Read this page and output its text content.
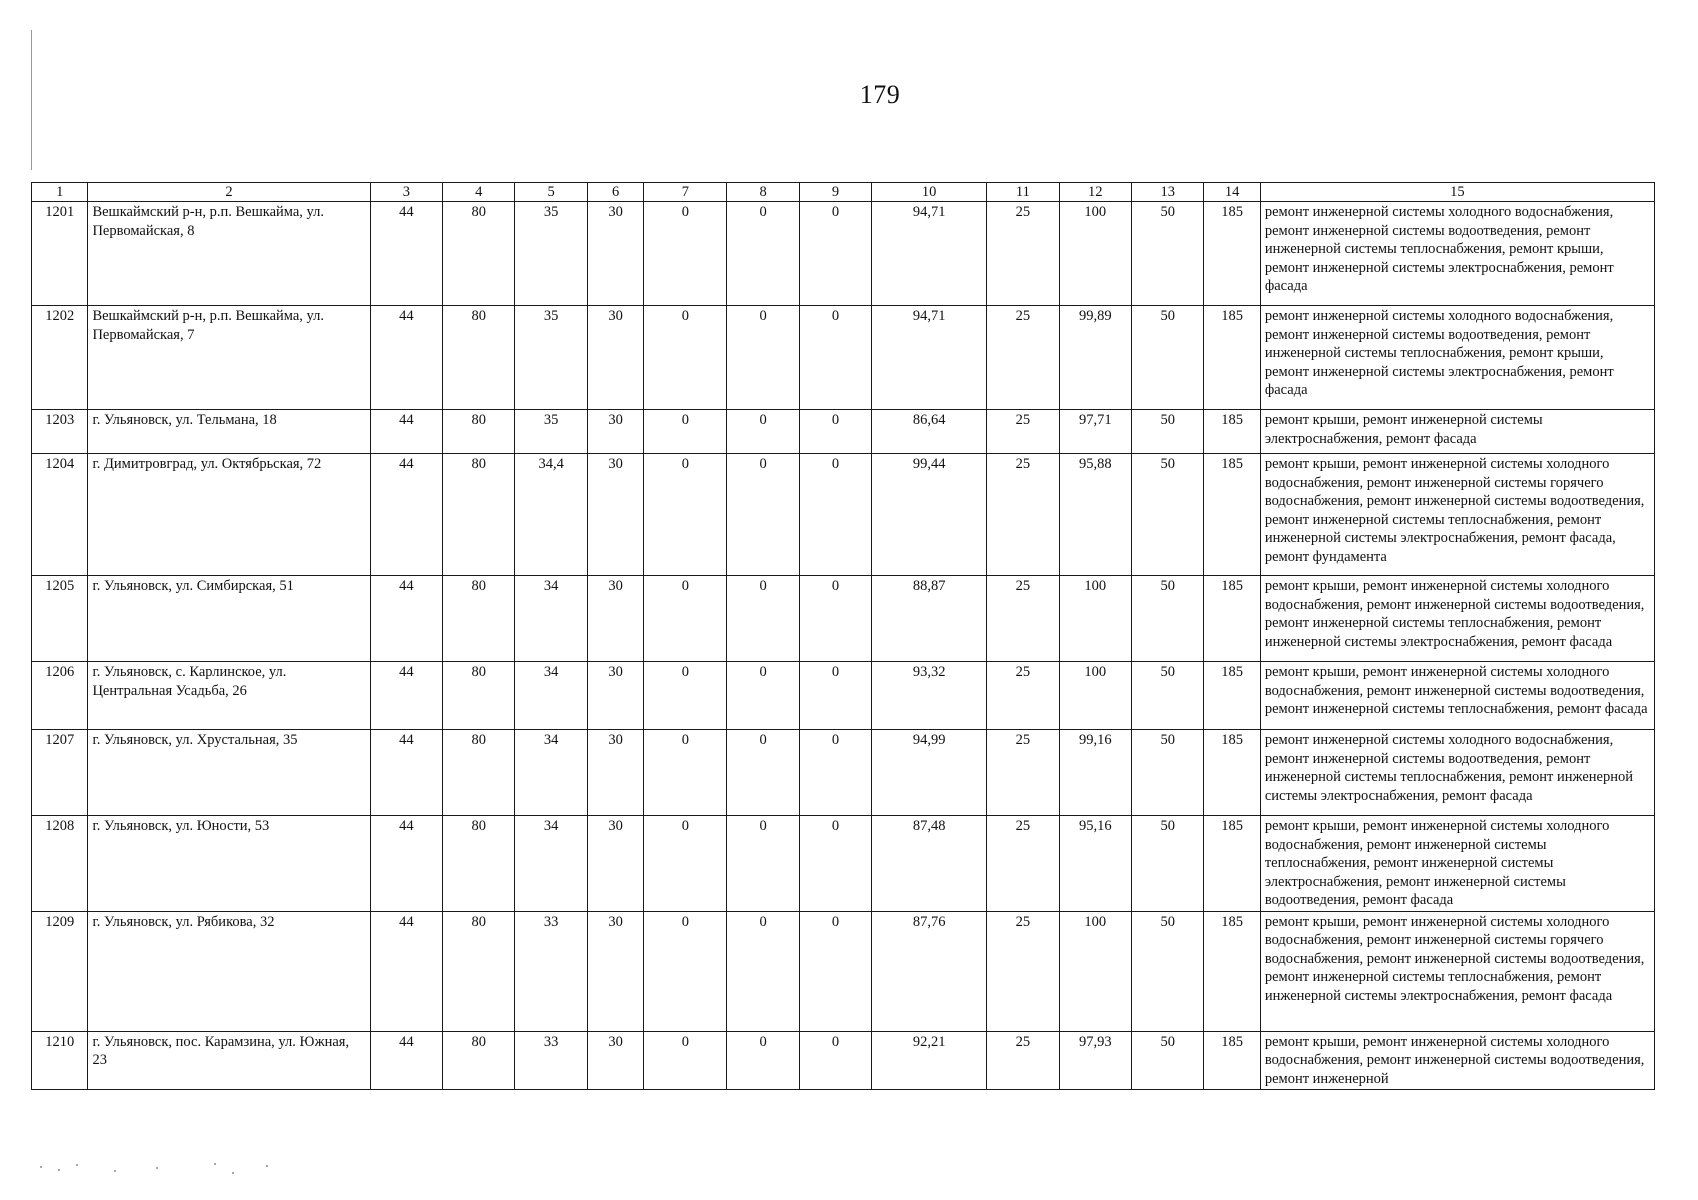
179
1	2	3	4	5	6	7	8	9	10	11	12	13	14	15
1201	Вешкаймский р-н, р.п. Вешкайма, ул. Первомайская, 8	44	80	35	30	0	0	0	94,71	25	100	50	185	ремонт инженерной системы холодного водоснабжения, ремонт инженерной системы водоотведения, ремонт инженерной системы теплоснабжения, ремонт крыши, ремонт инженерной системы электроснабжения, ремонт фасада
1202	Вешкаймский р-н, р.п. Вешкайма, ул. Первомайская, 7	44	80	35	30	0	0	0	94,71	25	99,89	50	185	ремонт инженерной системы холодного водоснабжения, ремонт инженерной системы водоотведения, ремонт инженерной системы теплоснабжения, ремонт крыши, ремонт инженерной системы электроснабжения, ремонт фасада
1203	г. Ульяновск, ул. Тельмана, 18	44	80	35	30	0	0	0	86,64	25	97,71	50	185	ремонт крыши, ремонт инженерной системы электроснабжения, ремонт фасада
1204	г. Димитровград, ул. Октябрьская, 72	44	80	34,4	30	0	0	0	99,44	25	95,88	50	185	ремонт крыши, ремонт инженерной системы холодного водоснабжения, ремонт инженерной системы горячего водоснабжения, ремонт инженерной системы водоотведения, ремонт инженерной системы теплоснабжения, ремонт инженерной системы электроснабжения, ремонт фасада, ремонт фундамента
1205	г. Ульяновск, ул. Симбирская, 51	44	80	34	30	0	0	0	88,87	25	100	50	185	ремонт крыши, ремонт инженерной системы холодного водоснабжения, ремонт инженерной системы водоотведения, ремонт инженерной системы теплоснабжения, ремонт инженерной системы электроснабжения, ремонт фасада
1206	г. Ульяновск, с. Карлинское, ул. Центральная Усадьба, 26	44	80	34	30	0	0	0	93,32	25	100	50	185	ремонт крыши, ремонт инженерной системы холодного водоснабжения, ремонт инженерной системы водоотведения, ремонт инженерной системы теплоснабжения, ремонт фасада
1207	г. Ульяновск, ул. Хрустальная, 35	44	80	34	30	0	0	0	94,99	25	99,16	50	185	ремонт инженерной системы холодного водоснабжения, ремонт инженерной системы водоотведения, ремонт инженерной системы теплоснабжения, ремонт инженерной системы электроснабжения, ремонт фасада
1208	г. Ульяновск, ул. Юности, 53	44	80	34	30	0	0	0	87,48	25	95,16	50	185	ремонт крыши, ремонт инженерной системы холодного водоснабжения, ремонт инженерной системы теплоснабжения, ремонт инженерной системы электроснабжения, ремонт инженерной системы водоотведения, ремонт фасада
1209	г. Ульяновск, ул. Рябикова, 32	44	80	33	30	0	0	0	87,76	25	100	50	185	ремонт крыши, ремонт инженерной системы холодного водоснабжения, ремонт инженерной системы горячего водоснабжения, ремонт инженерной системы водоотведения, ремонт инженерной системы теплоснабжения, ремонт инженерной системы электроснабжения, ремонт фасада
1210	г. Ульяновск, пос. Карамзина, ул. Южная, 23	44	80	33	30	0	0	0	92,21	25	97,93	50	185	ремонт крыши, ремонт инженерной системы холодного водоснабжения, ремонт инженерной системы водоотведения, ремонт инженерной
